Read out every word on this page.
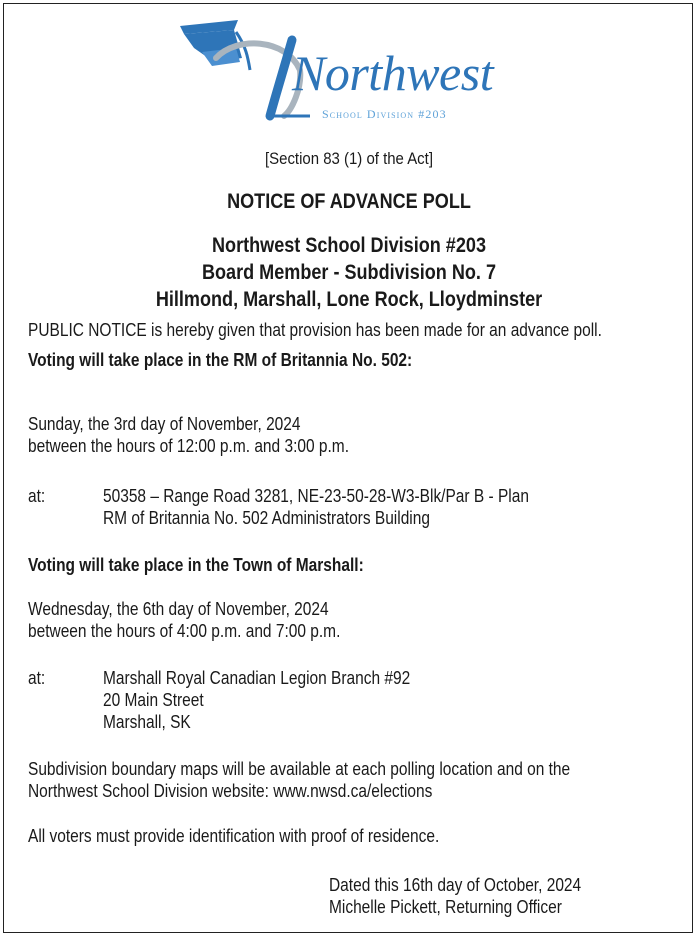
Northwest
School Division #203
[Section 83 (1) of the Act]
NOTICE OF ADVANCE POLL
Northwest School Division #203
Board Member - Subdivision No. 7
Hillmond, Marshall, Lone Rock, Lloydminster
PUBLIC NOTICE is hereby given that provision has been made for an advance poll.
Voting will take place in the RM of Britannia No. 502:
Sunday, the 3rd day of November, 2024
between the hours of 12:00 p.m. and 3:00 p.m.
at:	50358 – Range Road 3281, NE-23-50-28-W3-Blk/Par B - Plan
RM of Britannia No. 502 Administrators Building
Voting will take place in the Town of Marshall:
Wednesday, the 6th day of November, 2024
between the hours of 4:00 p.m. and 7:00 p.m.
at:	Marshall Royal Canadian Legion Branch #92
20 Main Street
Marshall, SK
Subdivision boundary maps will be available at each polling location and on the
Northwest School Division website: www.nwsd.ca/elections
All voters must provide identification with proof of residence.
Dated this 16th day of October, 2024
Michelle Pickett, Returning Officer
